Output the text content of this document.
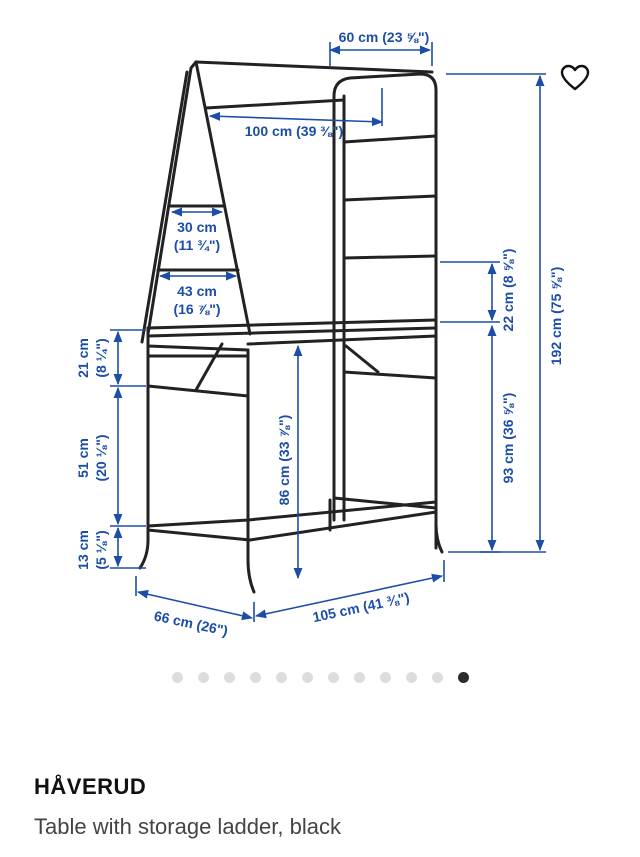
60 cm (23 ⅝")
100 cm (39 ⅜")
30 cm
(11 ¾")
43 cm
(16 ⅞")
21 cm (8 ¼")
51 cm (20 ⅛")
13 cm (5 ⅛")
86 cm (33 ⅞")
22 cm (8 ⅝")
93 cm (36 ⅝")
192 cm (75 ⅝")
66 cm (26")	105 cm (41 ⅜")
HÅVERUD
Table with storage ladder, black
